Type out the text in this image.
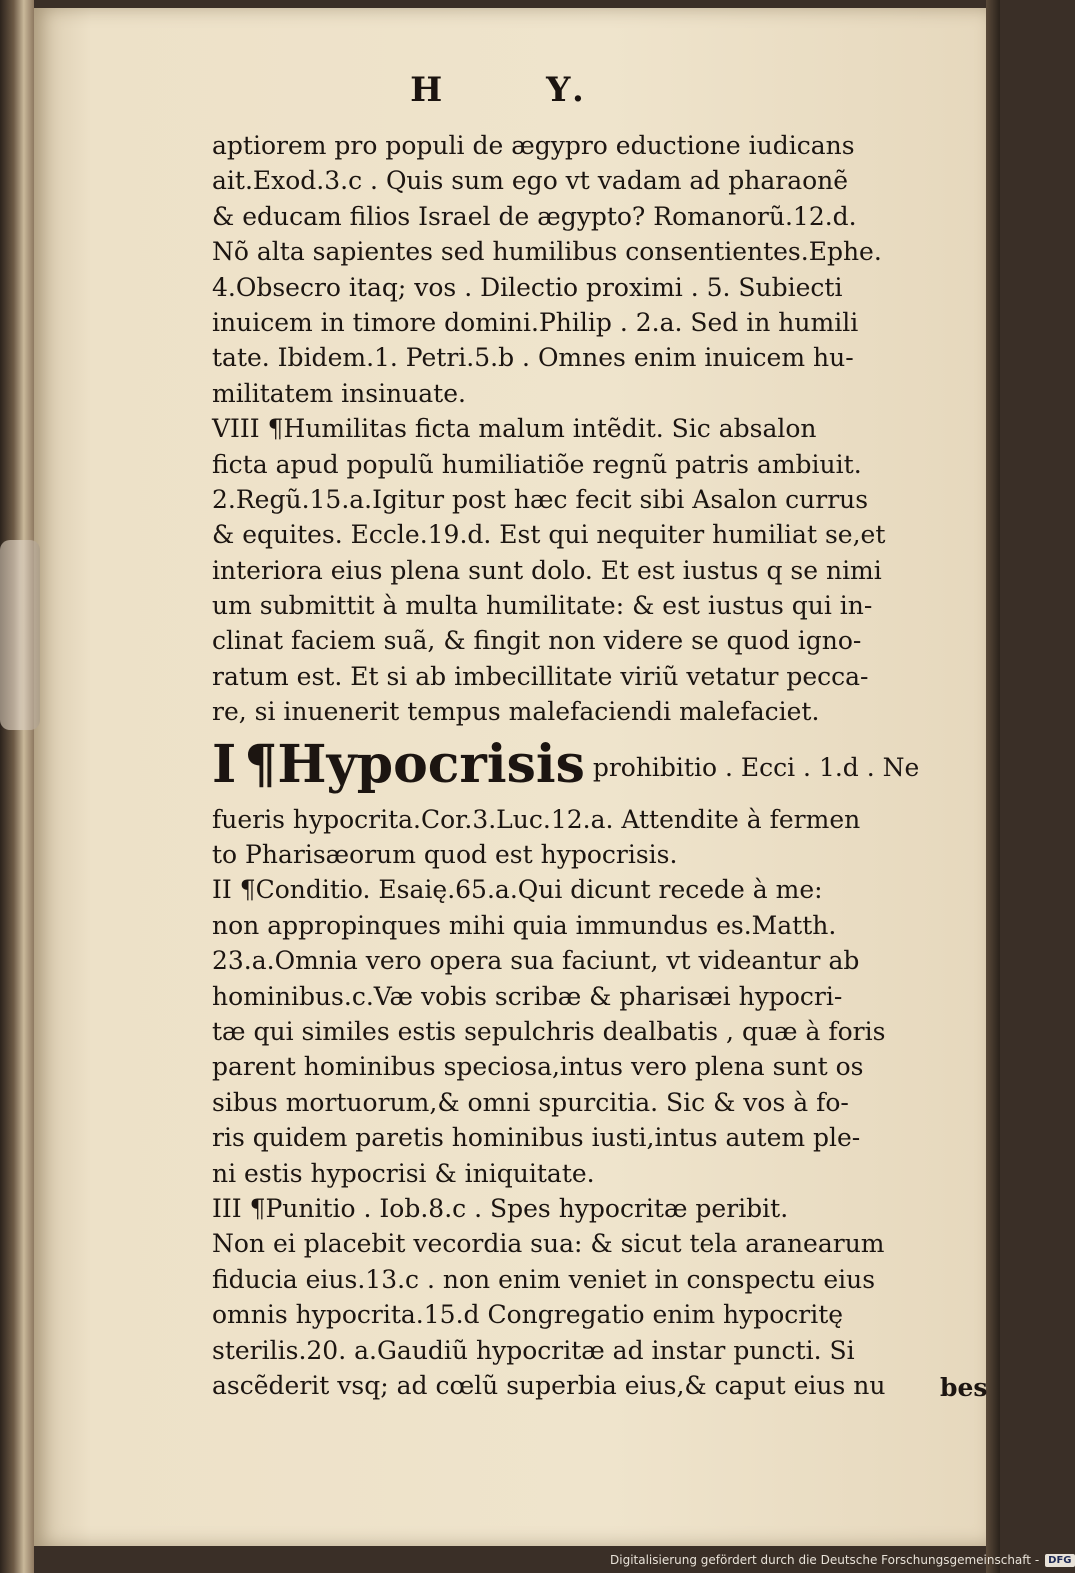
H	Y.
aptiorem pro populi de ægypro eductione iudicans
ait.Exod.3.c . Quis sum ego vt vadam ad pharaonẽ
& educam filios Israel de ægypto? Romanorũ.12.d.
Nõ alta sapientes sed humilibus consentientes.Ephe.
4.Obsecro itaq; vos . Dilectio proximi . 5. Subiecti
inuicem in timore domini.Philip . 2.a. Sed in humili
tate. Ibidem.1. Petri.5.b . Omnes enim inuicem hu-
militatem insinuate.
VIII ¶Humilitas ficta malum intẽdit. Sic absalon
ficta apud populũ humiliatiõe regnũ patris ambiuit.
2.Regũ.15.a.Igitur post hæc fecit sibi Asalon currus
& equites. Eccle.19.d. Est qui nequiter humiliat se,et
interiora eius plena sunt dolo. Et est iustus q se nimi
um submittit à multa humilitate: & est iustus qui in-
clinat faciem suã, & fingit non videre se quod igno-
ratum est. Et si ab imbecillitate viriũ vetatur pecca-
re, si inuenerit tempus malefaciendi malefaciet.
I ¶Hypocrisis prohibitio . Ecci . 1.d . Ne
fueris hypocrita.Cor.3.Luc.12.a. Attendite à fermen
to Pharisæorum quod est hypocrisis.
II ¶Conditio. Esaię.65.a.Qui dicunt recede à me:
non appropinques mihi quia immundus es.Matth.
23.a.Omnia vero opera sua faciunt, vt videantur ab
hominibus.c.Væ vobis scribæ & pharisæi hypocri-
tæ qui similes estis sepulchris dealbatis , quæ à foris
parent hominibus speciosa,intus vero plena sunt os
sibus mortuorum,& omni spurcitia. Sic & vos à fo-
ris quidem paretis hominibus iusti,intus autem ple-
ni estis hypocrisi & iniquitate.
III ¶Punitio . Iob.8.c . Spes hypocritæ peribit.
Non ei placebit vecordia sua: & sicut tela aranearum
fiducia eius.13.c . non enim veniet in conspectu eius
omnis hypocrita.15.d Congregatio enim hypocritę
sterilis.20. a.Gaudiũ hypocritæ ad instar puncti. Si
ascẽderit vsq; ad cœlũ superbia eius,& caput eius nu	bes
Digitalisierung gefördert durch die Deutsche Forschungsgemeinschaft - DFG
